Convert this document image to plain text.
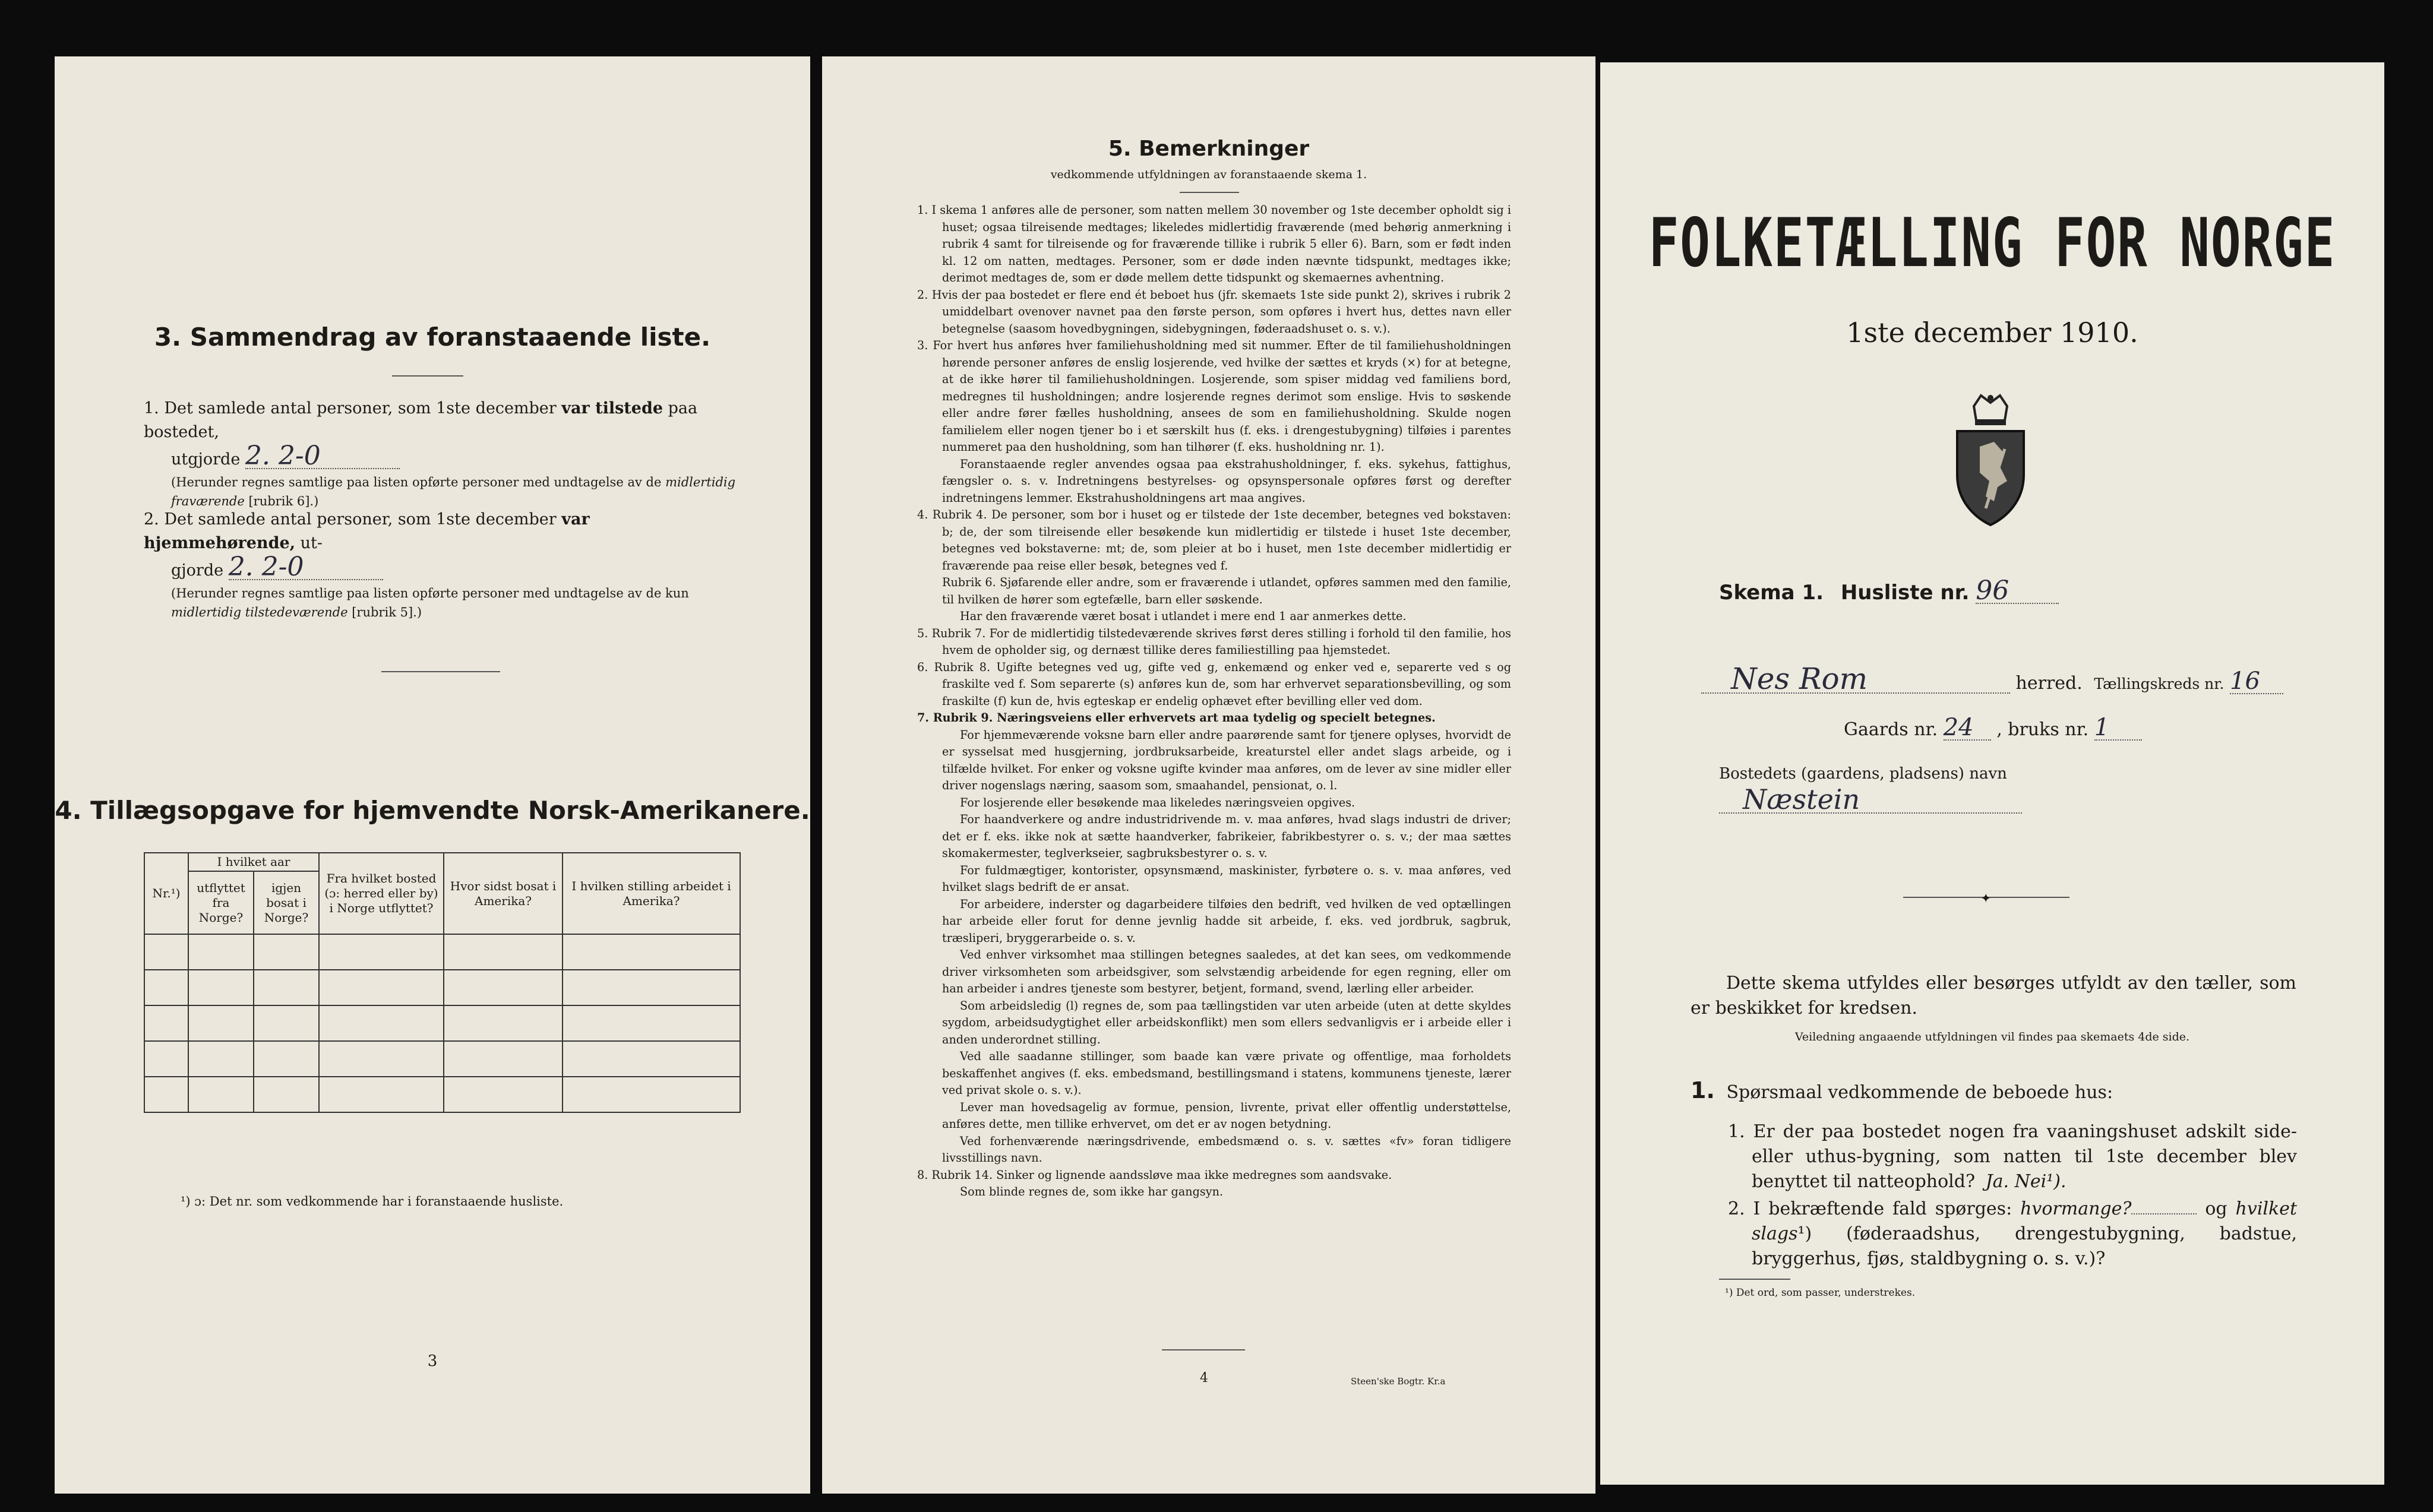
3. Sammendrag av foranstaaende liste.
1. Det samlede antal personer, som 1ste december var tilstede paa bostedet,
utgjorde 2. 2-0
(Herunder regnes samtlige paa listen opførte personer med undtagelse av de midlertidig fraværende [rubrik 6].)
2. Det samlede antal personer, som 1ste december var hjemmehørende, ut-
gjorde 2. 2-0
(Herunder regnes samtlige paa listen opførte personer med undtagelse av de kun midlertidig tilstedeværende [rubrik 5].)
4. Tillægsopgave for hjemvendte Norsk-Amerikanere.
Nr.¹)	I hvilket aar		Fra hvilket bosted (ɔ: herred eller by) i Norge utflyttet?	Hvor sidst bosat i Amerika?	I hvilken stilling arbeidet i Amerika?
	utflyttet fra Norge?	igjen bosat i Norge?			

¹) ɔ: Det nr. som vedkommende har i foranstaaende husliste.
3
5. Bemerkninger
vedkommende utfyldningen av foranstaaende skema 1.

1. I skema 1 anføres alle de personer, som natten mellem 30 november og 1ste december opholdt sig i huset; ogsaa tilreisende medtages; likeledes midlertidig fraværende (med behørig anmerkning i rubrik 4 samt for tilreisende og for fraværende tillike i rubrik 5 eller 6). Barn, som er født inden kl. 12 om natten, medtages. Personer, som er døde inden nævnte tidspunkt, medtages ikke; derimot medtages de, som er døde mellem dette tidspunkt og skemaernes avhentning.

2. Hvis der paa bostedet er flere end ét beboet hus (jfr. skemaets 1ste side punkt 2), skrives i rubrik 2 umiddelbart ovenover navnet paa den første person, som opføres i hvert hus, dettes navn eller betegnelse (saasom hovedbygningen, sidebygningen, føderaadshuset o. s. v.).

3. For hvert hus anføres hver familiehusholdning med sit nummer. Efter de til familiehusholdningen hørende personer anføres de enslig losjerende, ved hvilke der sættes et kryds (×) for at betegne, at de ikke hører til familiehusholdningen. Losjerende, som spiser middag ved familiens bord, medregnes til husholdningen; andre losjerende regnes derimot som enslige. Hvis to søskende eller andre fører fælles husholdning, ansees de som en familiehusholdning. Skulde nogen familielem eller nogen tjener bo i et særskilt hus (f. eks. i drengestubygning) tilføies i parentes nummeret paa den husholdning, som han tilhører (f. eks. husholdning nr. 1).

Foranstaaende regler anvendes ogsaa paa ekstrahusholdninger, f. eks. sykehus, fattighus, fængsler o. s. v. Indretningens bestyrelses- og opsynspersonale opføres først og derefter indretningens lemmer. Ekstrahusholdningens art maa angives.

4. Rubrik 4. De personer, som bor i huset og er tilstede der 1ste december, betegnes ved bokstaven: b; de, der som tilreisende eller besøkende kun midlertidig er tilstede i huset 1ste december, betegnes ved bokstaverne: mt; de, som pleier at bo i huset, men 1ste december midlertidig er fraværende paa reise eller besøk, betegnes ved f.

Rubrik 6. Sjøfarende eller andre, som er fraværende i utlandet, opføres sammen med den familie, til hvilken de hører som egtefælle, barn eller søskende.

Har den fraværende været bosat i utlandet i mere end 1 aar anmerkes dette.

5. Rubrik 7. For de midlertidig tilstedeværende skrives først deres stilling i forhold til den familie, hos hvem de opholder sig, og dernæst tillike deres familiestilling paa hjemstedet.

6. Rubrik 8. Ugifte betegnes ved ug, gifte ved g, enkemænd og enker ved e, separerte ved s og fraskilte ved f. Som separerte (s) anføres kun de, som har erhvervet separationsbevilling, og som fraskilte (f) kun de, hvis egteskap er endelig ophævet efter bevilling eller ved dom.

7. Rubrik 9. Næringsveiens eller erhvervets art maa tydelig og specielt betegnes.

For hjemmeværende voksne barn eller andre paarørende samt for tjenere oplyses, hvorvidt de er sysselsat med husgjerning, jordbruksarbeide, kreaturstel eller andet slags arbeide, og i tilfælde hvilket. For enker og voksne ugifte kvinder maa anføres, om de lever av sine midler eller driver nogenslags næring, saasom som, smaahandel, pensionat, o. l.

For losjerende eller besøkende maa likeledes næringsveien opgives.

For haandverkere og andre industridrivende m. v. maa anføres, hvad slags industri de driver; det er f. eks. ikke nok at sætte haandverker, fabrikeier, fabrikbestyrer o. s. v.; der maa sættes skomakermester, teglverkseier, sagbruksbestyrer o. s. v.

For fuldmægtiger, kontorister, opsynsmænd, maskinister, fyrbøtere o. s. v. maa anføres, ved hvilket slags bedrift de er ansat.

For arbeidere, inderster og dagarbeidere tilføies den bedrift, ved hvilken de ved optællingen har arbeide eller forut for denne jevnlig hadde sit arbeide, f. eks. ved jordbruk, sagbruk, træsliperi, bryggerarbeide o. s. v.

Ved enhver virksomhet maa stillingen betegnes saaledes, at det kan sees, om vedkommende driver virksomheten som arbeidsgiver, som selvstændig arbeidende for egen regning, eller om han arbeider i andres tjeneste som bestyrer, betjent, formand, svend, lærling eller arbeider.

Som arbeidsledig (l) regnes de, som paa tællingstiden var uten arbeide (uten at dette skyldes sygdom, arbeidsudygtighet eller arbeidskonflikt) men som ellers sedvanligvis er i arbeide eller i anden underordnet stilling.

Ved alle saadanne stillinger, som baade kan være private og offentlige, maa forholdets beskaffenhet angives (f. eks. embedsmand, bestillingsmand i statens, kommunens tjeneste, lærer ved privat skole o. s. v.).

Lever man hovedsagelig av formue, pension, livrente, privat eller offentlig understøttelse, anføres dette, men tillike erhvervet, om det er av nogen betydning.

Ved forhenværende næringsdrivende, embedsmænd o. s. v. sættes «fv» foran tidligere livsstillings navn.

8. Rubrik 14. Sinker og lignende aandssløve maa ikke medregnes som aandsvake.

Som blinde regnes de, som ikke har gangsyn.

4	Steen'ske Bogtr. Kr.a
FOLKETÆLLING FOR NORGE
1ste december 1910.
Skema 1. Husliste nr. 96
Nes Rom	herred. Tællingskreds nr. 16
Gaards nr. 24 , bruks nr. 1
Bostedets (gaardens, pladsens) navn Næstein
✦
Dette skema utfyldes eller besørges utfyldt av den tæller, som er beskikket for kredsen.
Veiledning angaaende utfyldningen vil findes paa skemaets 4de side.
1. Spørsmaal vedkommende de beboede hus:
1. Er der paa bostedet nogen fra vaaningshuset adskilt side- eller uthus-bygning, som natten til 1ste december blev benyttet til natteophold? Ja. Nei¹).
2. I bekræftende fald spørges: hvormange?	og hvilket slags¹) (føderaadshus, drengestubygning, badstue, bryggerhus, fjøs, staldbygning o. s. v.)?
¹) Det ord, som passer, understrekes.
